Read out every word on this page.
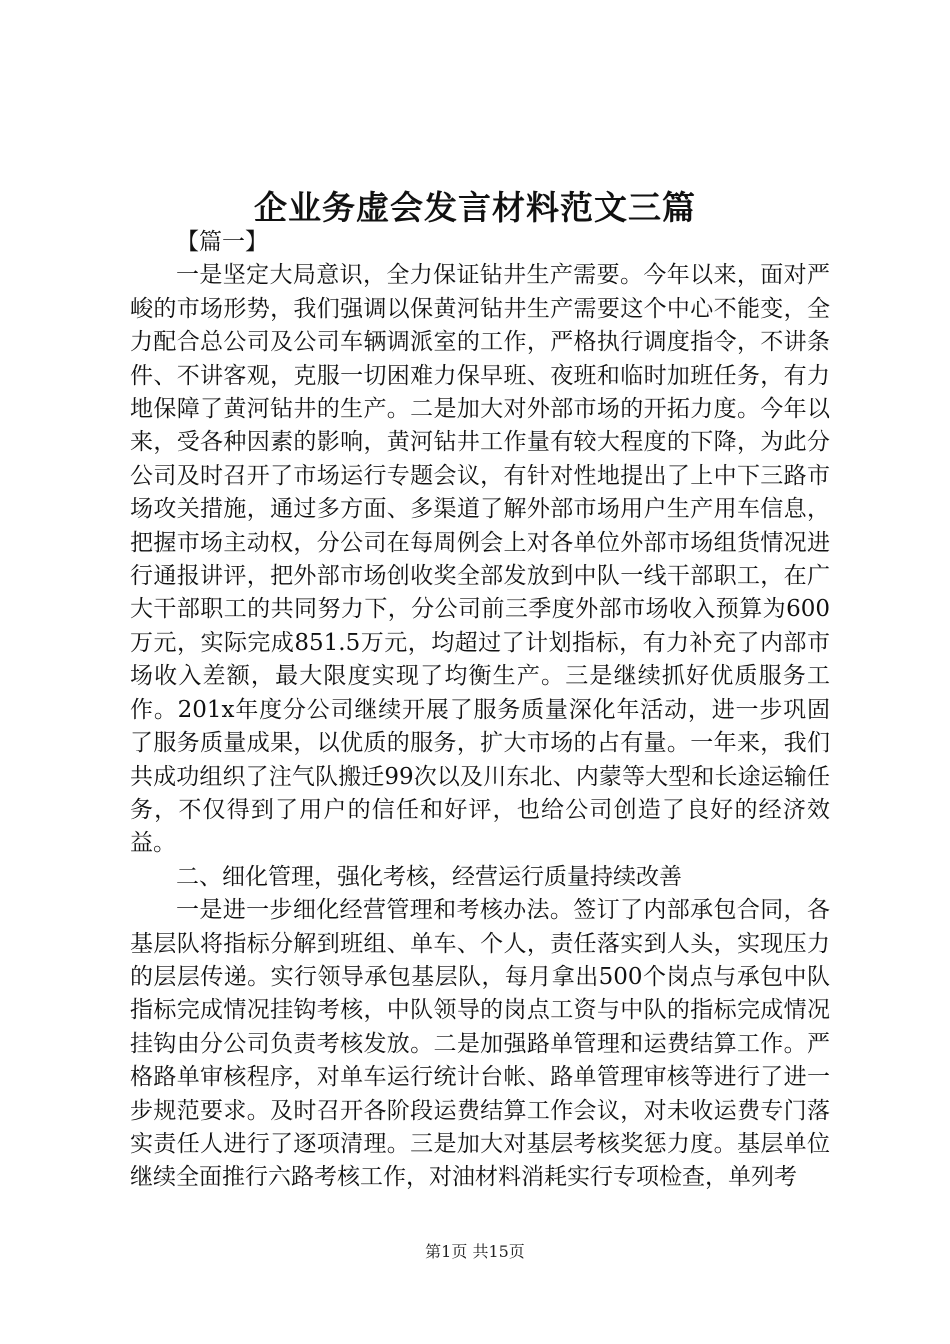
企业务虚会发言材料范文三篇

【篇一】

一是坚定大局意识，全力保证钻井生产需要。今年以来，面对严峻的市场形势，我们强调以保黄河钻井生产需要这个中心不能变，全力配合总公司及公司车辆调派室的工作，严格执行调度指令，不讲条件、不讲客观，克服一切困难力保早班、夜班和临时加班任务，有力地保障了黄河钻井的生产。二是加大对外部市场的开拓力度。今年以来，受各种因素的影响，黄河钻井工作量有较大程度的下降，为此分公司及时召开了市场运行专题会议，有针对性地提出了上中下三路市场攻关措施，通过多方面、多渠道了解外部市场用户生产用车信息，把握市场主动权，分公司在每周例会上对各单位外部市场组货情况进行通报讲评，把外部市场创收奖全部发放到中队一线干部职工，在广大干部职工的共同努力下，分公司前三季度外部市场收入预算为600万元，实际完成851.5万元，均超过了计划指标，有力补充了内部市场收入差额，最大限度实现了均衡生产。三是继续抓好优质服务工作。201x年度分公司继续开展了服务质量深化年活动，进一步巩固了服务质量成果，以优质的服务，扩大市场的占有量。一年来，我们共成功组织了注气队搬迁99次以及川东北、内蒙等大型和长途运输任务，不仅得到了用户的信任和好评，也给公司创造了良好的经济效益。

二、细化管理，强化考核，经营运行质量持续改善

一是进一步细化经营管理和考核办法。签订了内部承包合同，各基层队将指标分解到班组、单车、个人，责任落实到人头，实现压力的层层传递。实行领导承包基层队，每月拿出500个岗点与承包中队指标完成情况挂钩考核，中队领导的岗点工资与中队的指标完成情况挂钩由分公司负责考核发放。二是加强路单管理和运费结算工作。严格路单审核程序，对单车运行统计台帐、路单管理审核等进行了进一步规范要求。及时召开各阶段运费结算工作会议，对未收运费专门落实责任人进行了逐项清理。三是加大对基层考核奖惩力度。基层单位继续全面推行六路考核工作，对油材料消耗实行专项检查，单列考

第1页 共15页
